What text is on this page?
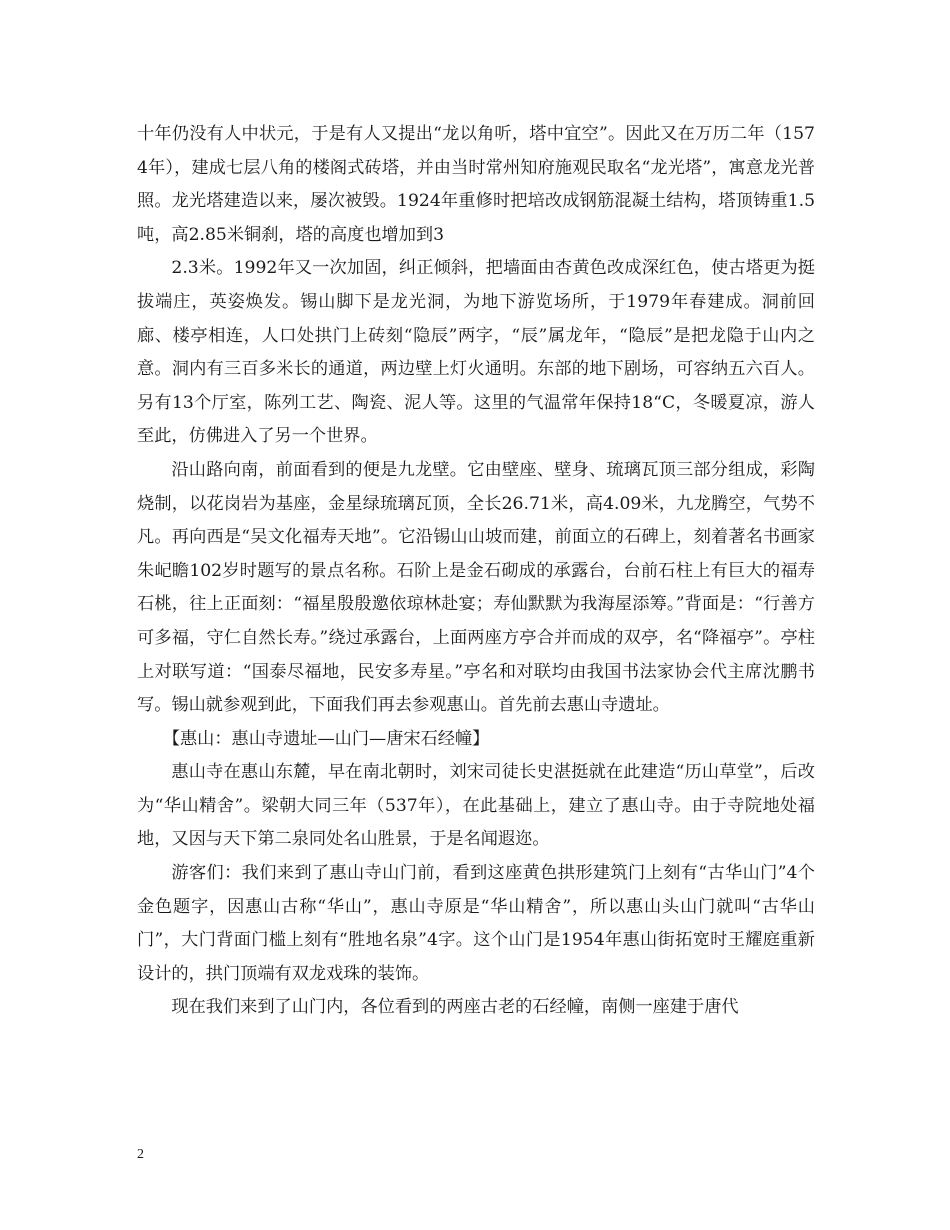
十年仍没有人中状元，于是有人又提出“龙以角听，塔中宜空”。因此又在万历二年（1574年），建成七层八角的楼阁式砖塔，并由当时常州知府施观民取名“龙光塔”，寓意龙光普照。龙光塔建造以来，屡次被毁。1924年重修时把培改成钢筋混凝土结构，塔顶铸重1.5吨，高2.85米铜刹，塔的高度也增加到3

2.3米。1992年又一次加固，纠正倾斜，把墙面由杏黄色改成深红色，使古塔更为挺拔端庄，英姿焕发。锡山脚下是龙光洞，为地下游览场所，于1979年春建成。洞前回廊、楼亭相连，人口处拱门上砖刻“隐辰”两字，“辰”属龙年，“隐辰”是把龙隐于山内之意。洞内有三百多米长的通道，两边壁上灯火通明。东部的地下剧场，可容纳五六百人。另有13个厅室，陈列工艺、陶瓷、泥人等。这里的气温常年保持18“C，冬暖夏凉，游人至此，仿佛进入了另一个世界。

沿山路向南，前面看到的便是九龙壁。它由壁座、壁身、琉璃瓦顶三部分组成，彩陶烧制，以花岗岩为基座，金星绿琉璃瓦顶，全长26.71米，高4.09米，九龙腾空，气势不凡。再向西是“吴文化福寿天地”。它沿锡山山坡而建，前面立的石碑上，刻着著名书画家朱屺瞻102岁时题写的景点名称。石阶上是金石砌成的承露台，台前石柱上有巨大的福寿石桃，往上正面刻：“福星殷殷邀依琼林赴宴；寿仙默默为我海屋添筹。”背面是：“行善方可多福，守仁自然长寿。”绕过承露台，上面两座方亭合并而成的双亭，名“降福亭”。亭柱上对联写道：“国泰尽福地，民安多寿星。”亭名和对联均由我国书法家协会代主席沈鹏书写。锡山就参观到此，下面我们再去参观惠山。首先前去惠山寺遗址。

【惠山：惠山寺遗址—山门—唐宋石经幢】

惠山寺在惠山东麓，早在南北朝时，刘宋司徒长史湛挺就在此建造“历山草堂”，后改为“华山精舍”。梁朝大同三年（537年），在此基础上，建立了惠山寺。由于寺院地处福地，又因与天下第二泉同处名山胜景，于是名闻遐迩。

游客们：我们来到了惠山寺山门前，看到这座黄色拱形建筑门上刻有“古华山门”4个金色题字，因惠山古称“华山”，惠山寺原是“华山精舍”，所以惠山头山门就叫“古华山门”，大门背面门槛上刻有“胜地名泉”4字。这个山门是1954年惠山街拓宽时王耀庭重新设计的，拱门顶端有双龙戏珠的装饰。

现在我们来到了山门内，各位看到的两座古老的石经幢，南侧一座建于唐代

2
